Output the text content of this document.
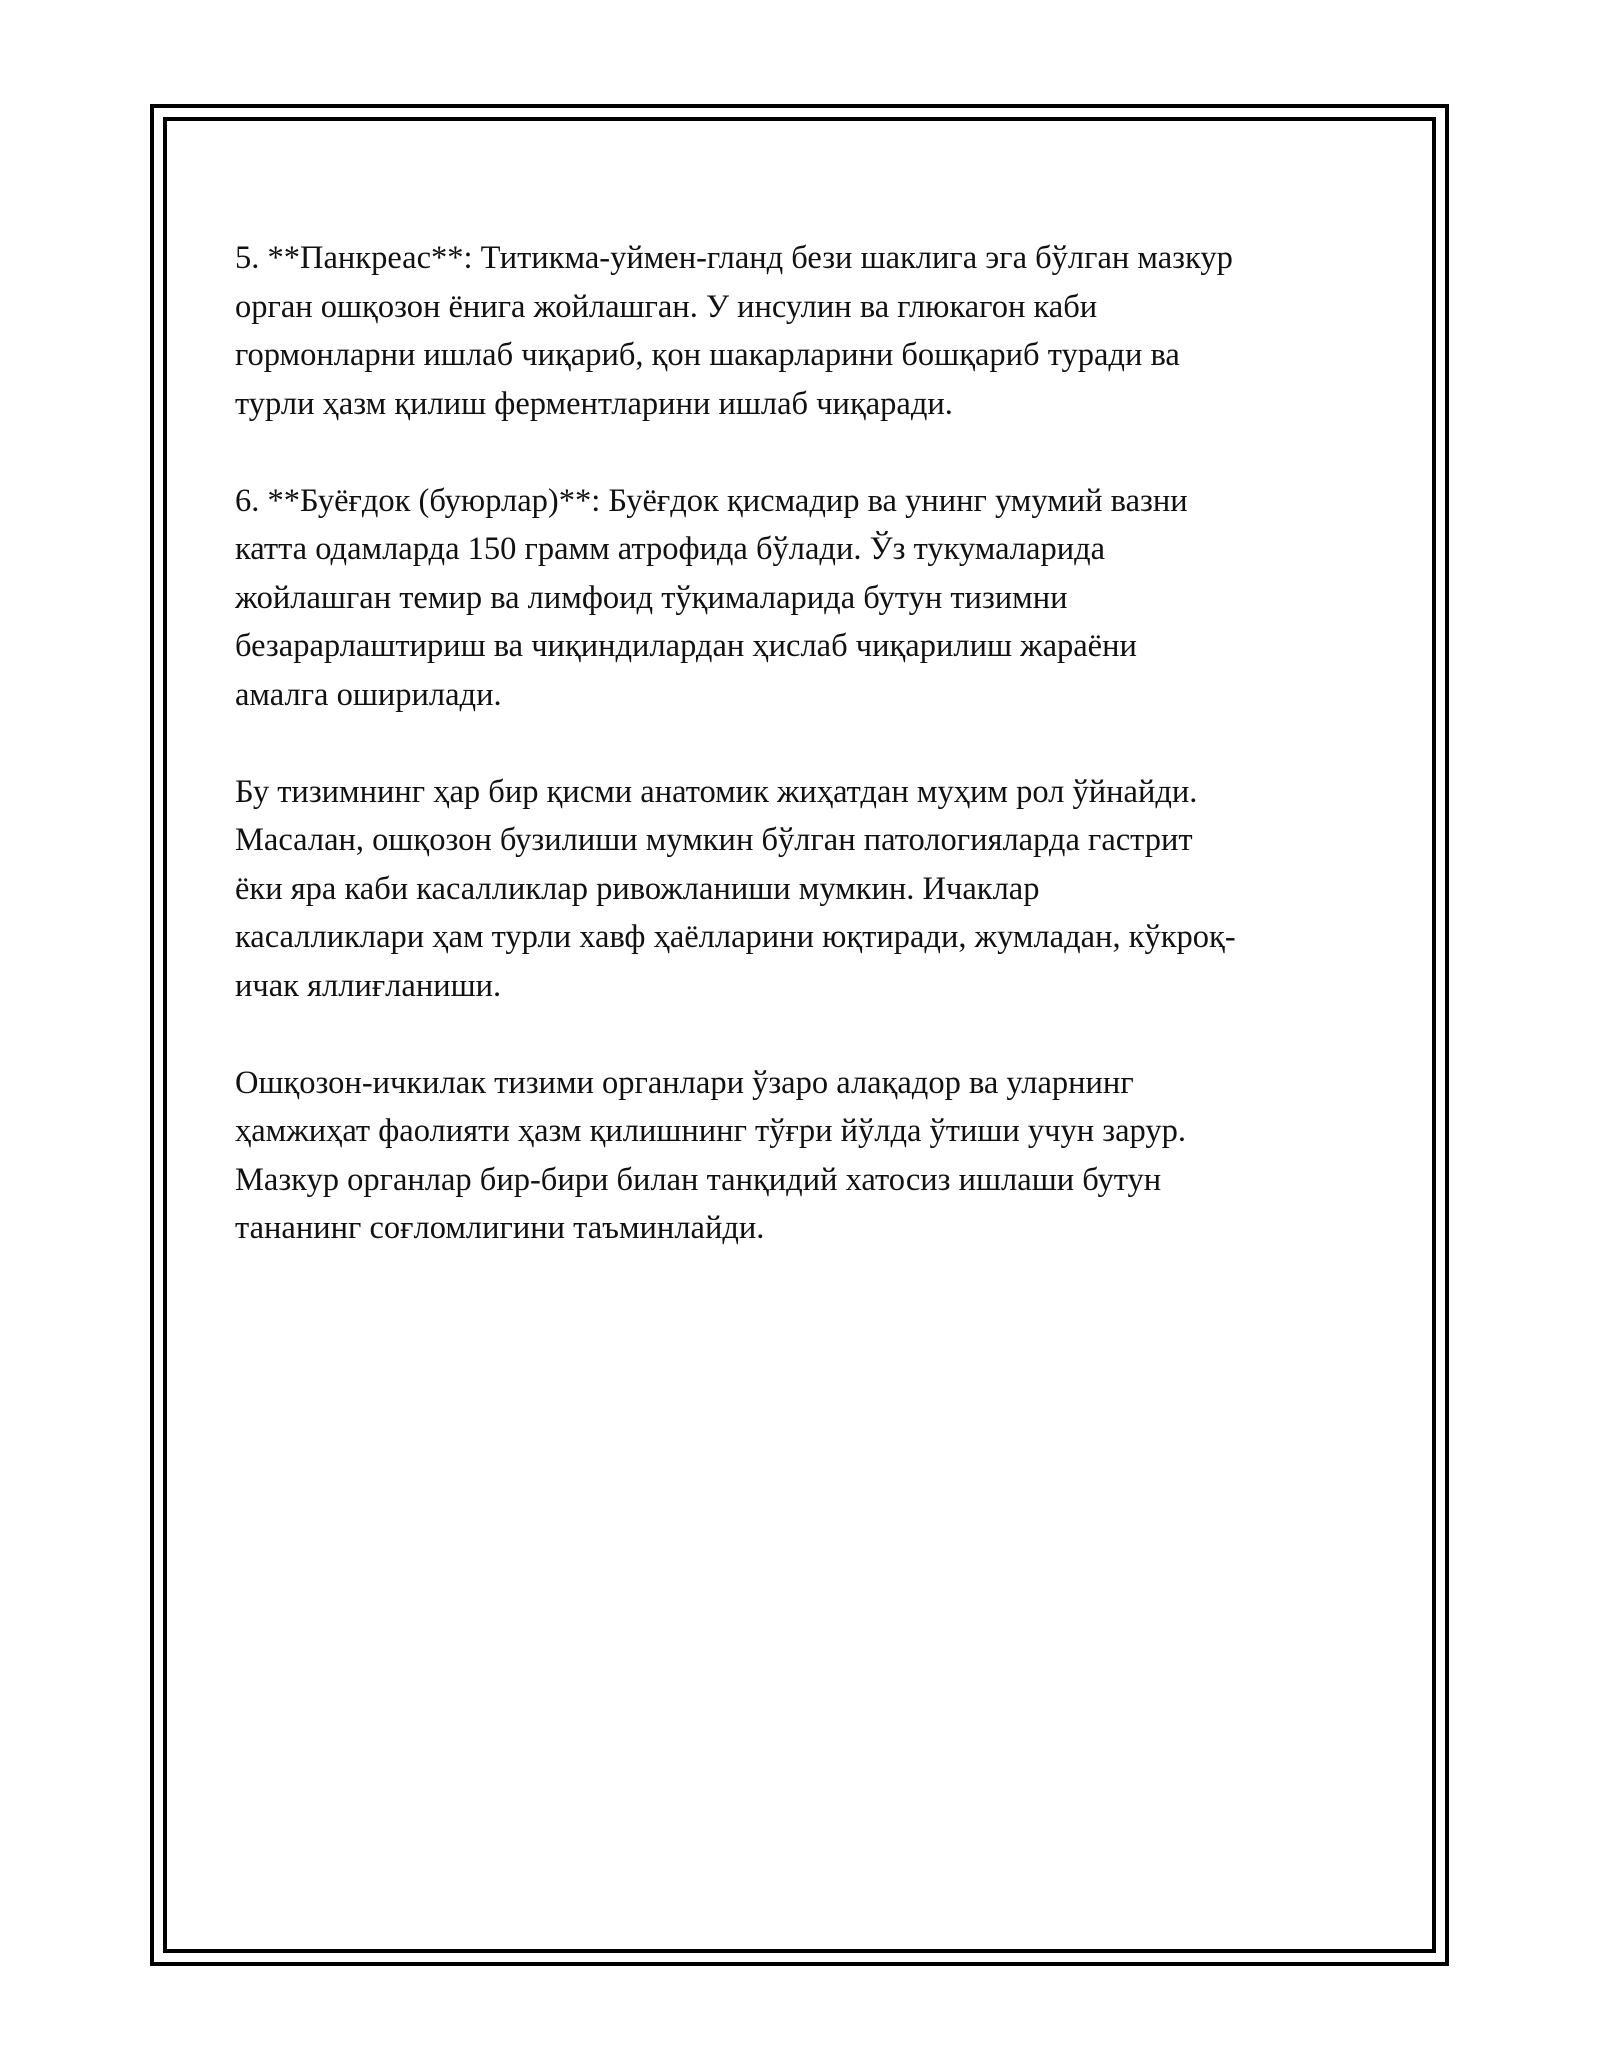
5. **Панкреас**: Титикма-уймен-гланд бези шаклига эга бўлган мазкур
орган ошқозон ёнига жойлашган. У инсулин ва глюкагон каби
гормонларни ишлаб чиқариб, қон шакарларини бошқариб туради ва
турли ҳазм қилиш ферментларини ишлаб чиқаради.

6. **Буёғдок (буюрлар)**: Буёғдок қисмадир ва унинг умумий вазни
катта одамларда 150 грамм атрофида бўлади. Ўз тукумаларида
жойлашган темир ва лимфоид тўқималарида бутун тизимни
безарарлаштириш ва чиқиндилардан ҳислаб чиқарилиш жараёни
амалга оширилади.

Бу тизимнинг ҳар бир қисми анатомик жиҳатдан муҳим рол ўйнайди.
Масалан, ошқозон бузилиши мумкин бўлган патологияларда гастрит
ёки яра каби касалликлар ривожланиши мумкин. Ичаклар
касалликлари ҳам турли хавф ҳаёлларини юқтиради, жумладан, кўкроқ-
ичак яллиғланиши.

Ошқозон-ичкилак тизими органлари ўзаро алақадор ва уларнинг
ҳамжиҳат фаолияти ҳазм қилишнинг тўғри йўлда ўтиши учун зарур.
Мазкур органлар бир-бири билан танқидий хатосиз ишлаши бутун
тананинг соғломлигини таъминлайди.
